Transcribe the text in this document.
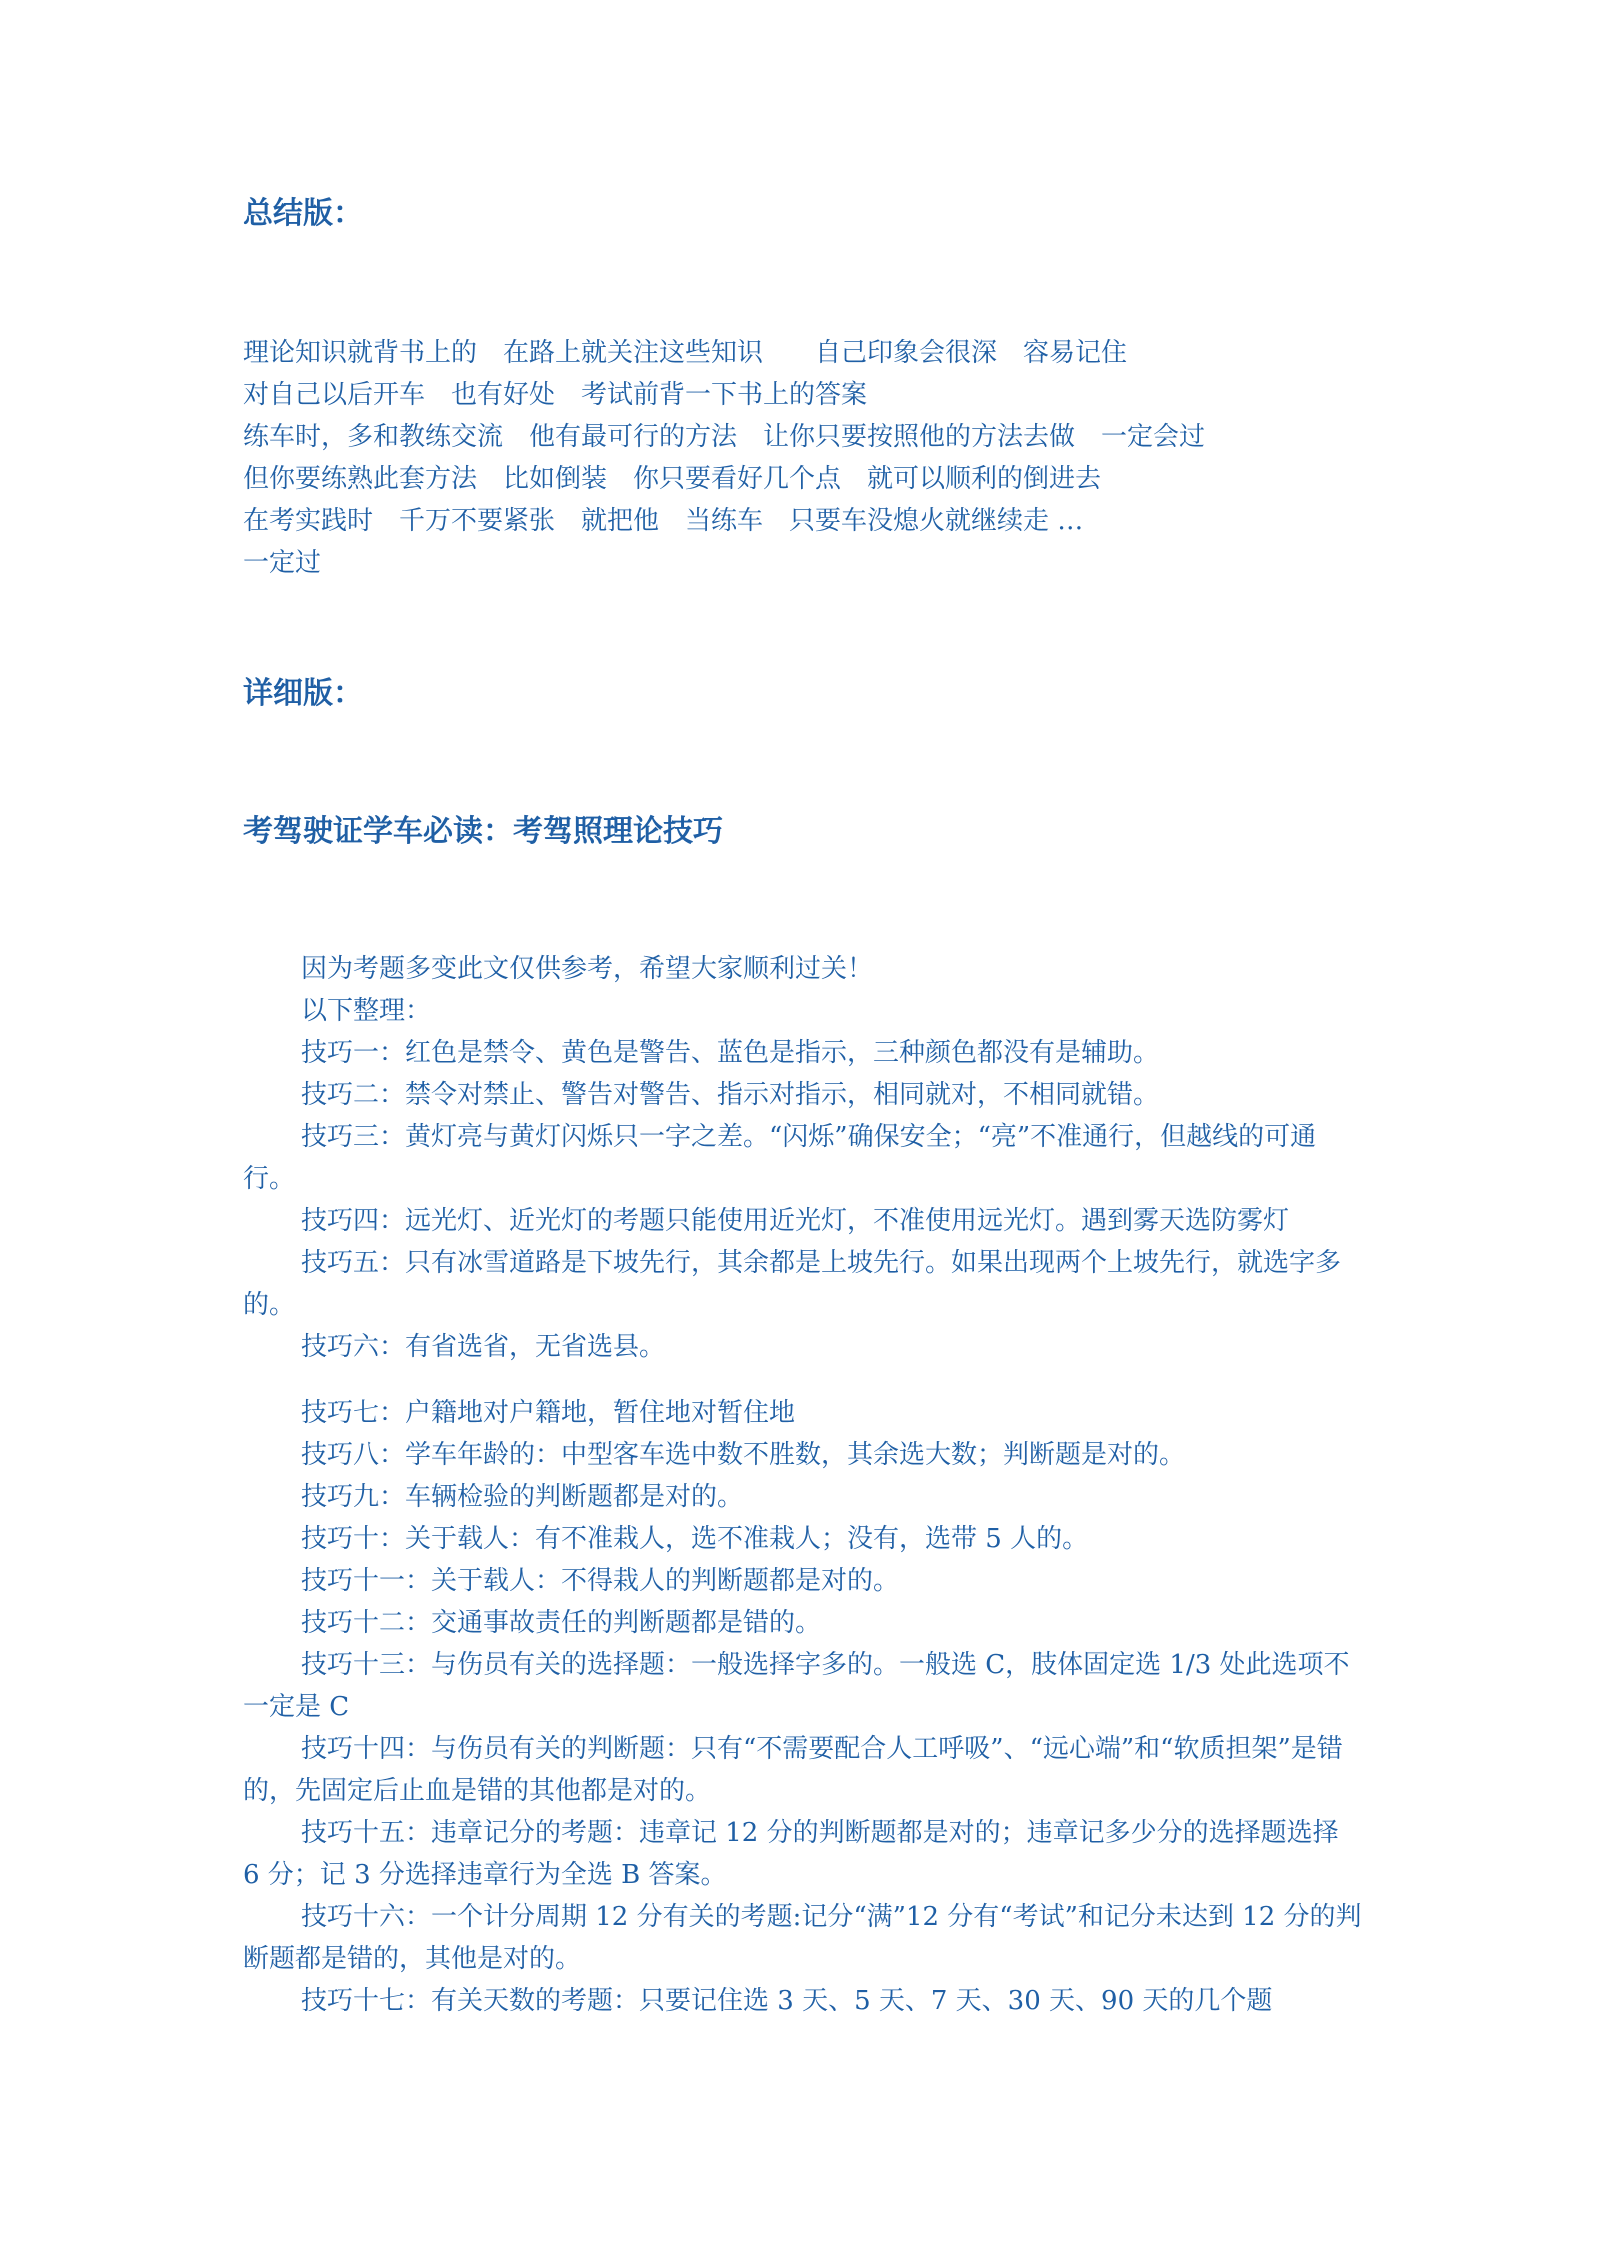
总结版：
理论知识就背书上的　在路上就关注这些知识　　自己印象会很深　容易记住
对自己以后开车　也有好处　考试前背一下书上的答案
练车时，多和教练交流　他有最可行的方法　让你只要按照他的方法去做　一定会过
但你要练熟此套方法　比如倒装　你只要看好几个点　就可以顺利的倒进去
在考实践时　千万不要紧张　就把他　当练车　只要车没熄火就继续走 …
一定过
详细版：
考驾驶证学车必读：考驾照理论技巧

因为考题多变此文仅供参考，希望大家顺利过关！

以下整理：

技巧一：红色是禁令、黄色是警告、蓝色是指示，三种颜色都没有是辅助。

技巧二：禁令对禁止、警告对警告、指示对指示，相同就对，不相同就错。

技巧三：黄灯亮与黄灯闪烁只一字之差。“闪烁”确保安全；“亮”不准通行，但越线的可通行。

技巧四：远光灯、近光灯的考题只能使用近光灯，不准使用远光灯。遇到雾天选防雾灯

技巧五：只有冰雪道路是下坡先行，其余都是上坡先行。如果出现两个上坡先行，就选字多的。

技巧六：有省选省，无省选县。

技巧七：户籍地对户籍地，暂住地对暂住地

技巧八：学车年龄的：中型客车选中数不胜数，其余选大数；判断题是对的。

技巧九：车辆检验的判断题都是对的。

技巧十：关于载人：有不准栽人，选不准栽人；没有，选带 5 人的。

技巧十一：关于载人：不得栽人的判断题都是对的。

技巧十二：交通事故责任的判断题都是错的。

技巧十三：与伤员有关的选择题：一般选择字多的。一般选 C，肢体固定选 1/3 处此选项不一定是 C

技巧十四：与伤员有关的判断题：只有“不需要配合人工呼吸”、“远心端”和“软质担架”是错的，先固定后止血是错的其他都是对的。

技巧十五：违章记分的考题：违章记 12 分的判断题都是对的；违章记多少分的选择题选择 6 分；记 3 分选择违章行为全选 B 答案。

技巧十六：一个计分周期 12 分有关的考题:记分“满”12 分有“考试”和记分未达到 12 分的判断题都是错的，其他是对的。

技巧十七：有关天数的考题：只要记住选 3 天、5 天、7 天、30 天、90 天的几个题
